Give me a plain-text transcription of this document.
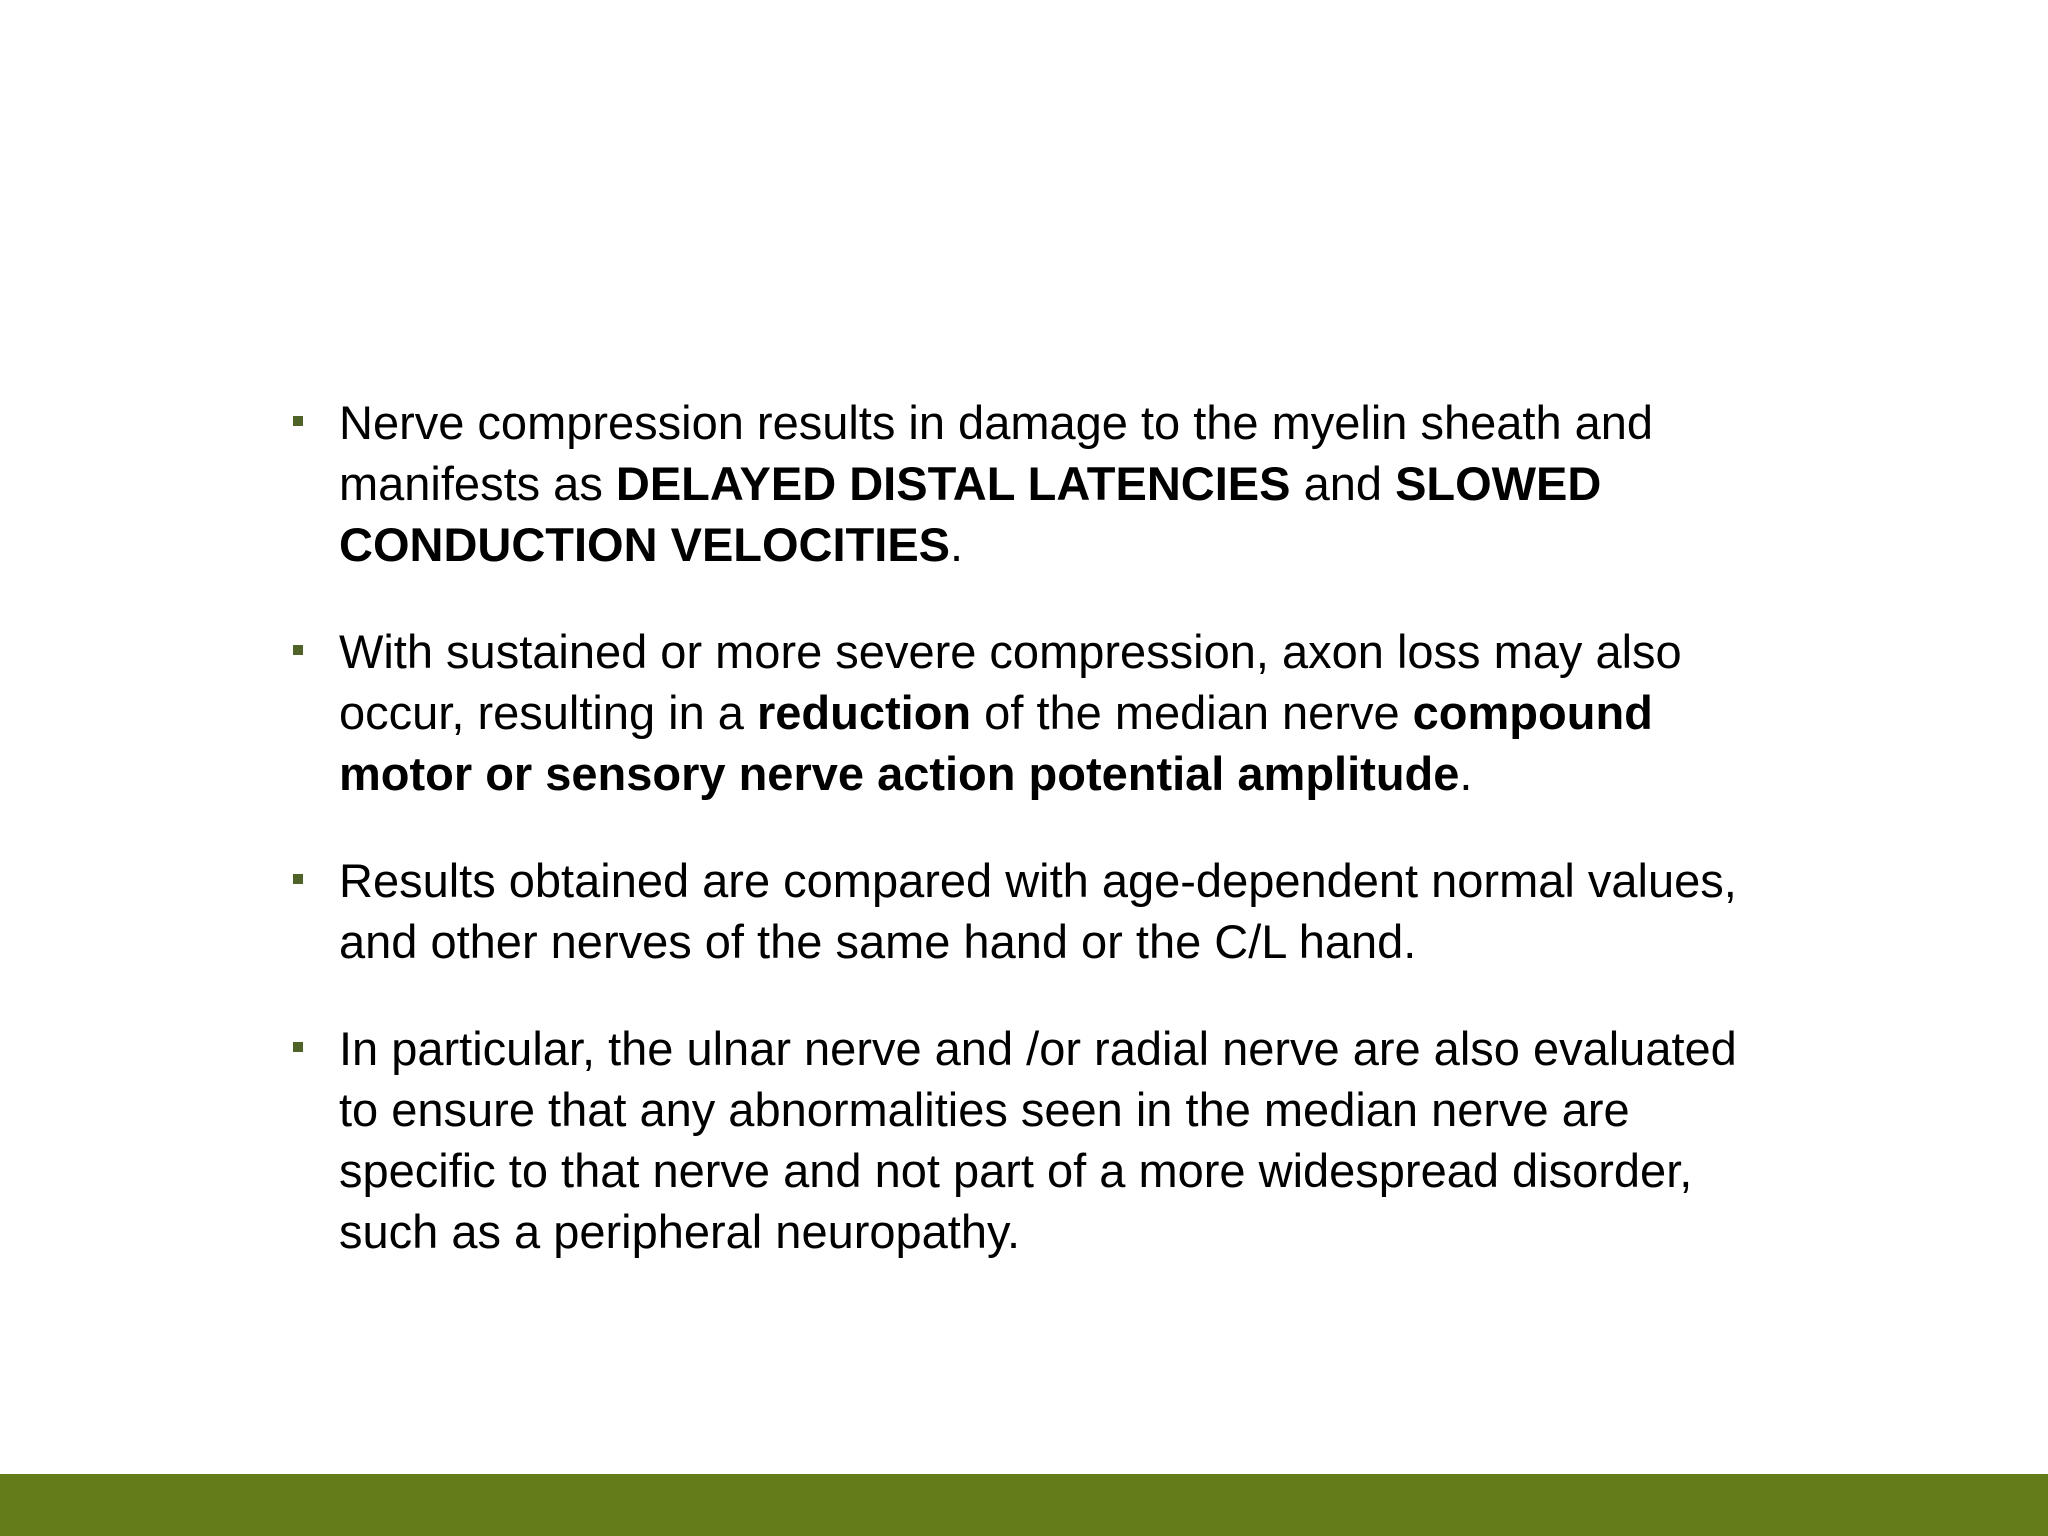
Nerve compression results in damage to the myelin sheath and manifests as DELAYED DISTAL LATENCIES and SLOWED CONDUCTION VELOCITIES.
With sustained or more severe compression, axon loss may also occur, resulting in a reduction of the median nerve compound motor or sensory nerve action potential amplitude.
Results obtained are compared with age-dependent normal values, and other nerves of the same hand or the C/L hand.
In particular, the ulnar nerve and /or radial nerve are also evaluated to ensure that any abnormalities seen in the median nerve are specific to that nerve and not part of a more widespread disorder, such as a peripheral neuropathy.
